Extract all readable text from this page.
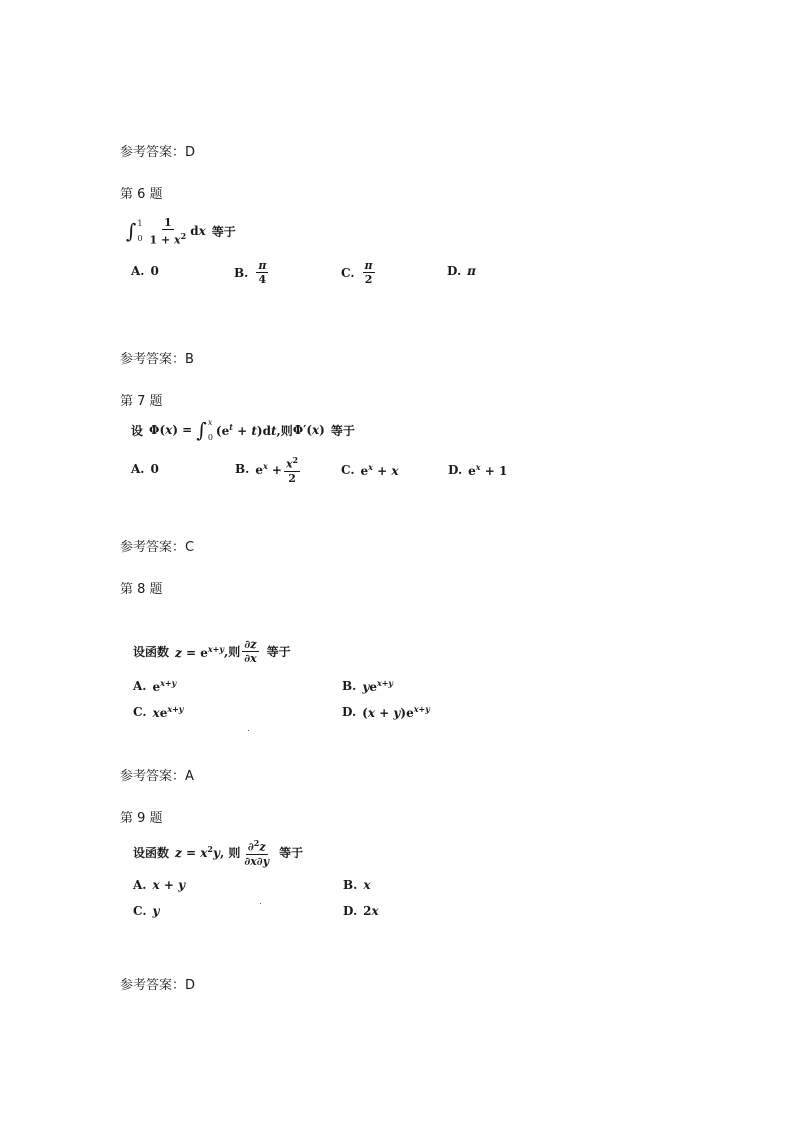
参考答案：D
第 6 题
∫ 1
$0 \frac{1}{1 + x^2}$ dx 等于
A. 0	B. $\frac{\pi}{4}$	C. $\frac{\pi}{2}$	D. π
参考答案：B
第 7 题
设 Φ(x) = ∫ x
0 $(e^t + t)dt$ ,则 Φ′(x) 等于
A. 0	B. $e^x + \frac{x^2}{2}$	C. $e^x + x$	D. $e^x + 1$
参考答案：C
第 8 题
设函数 $z = e^{x+y}$ ,则 $\frac{\partial z}{\partial x}$ 等于
A. $e^{x+y}$	B. $ye^{x+y}$
C. $xe^{x+y}$	D. $(x + y)e^{x+y}$
参考答案：A
第 9 题
设函数 $z = x^2y$ , 则 $\frac{\partial^2z}{\partial x\partial y}$ 等于
A. x + y	B. x
C. y	D. 2x
参考答案：D
